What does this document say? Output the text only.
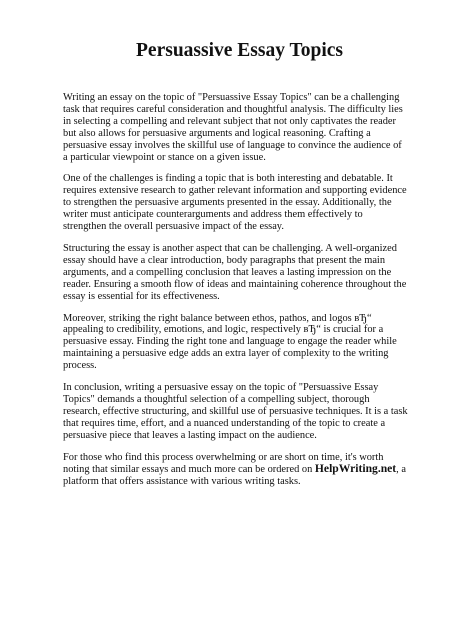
Persuassive Essay Topics

Writing an essay on the topic of "Persuassive Essay Topics" can be a challenging task that requires careful consideration and thoughtful analysis. The difficulty lies in selecting a compelling and relevant subject that not only captivates the reader but also allows for persuasive arguments and logical reasoning. Crafting a persuasive essay involves the skillful use of language to convince the audience of a particular viewpoint or stance on a given issue.

One of the challenges is finding a topic that is both interesting and debatable. It requires extensive research to gather relevant information and supporting evidence to strengthen the persuasive arguments presented in the essay. Additionally, the writer must anticipate counterarguments and address them effectively to strengthen the overall persuasive impact of the essay.

Structuring the essay is another aspect that can be challenging. A well-organized essay should have a clear introduction, body paragraphs that present the main arguments, and a compelling conclusion that leaves a lasting impression on the reader. Ensuring a smooth flow of ideas and maintaining coherence throughout the essay is essential for its effectiveness.

Moreover, striking the right balance between ethos, pathos, and logos вЂ“ appealing to credibility, emotions, and logic, respectively вЂ“ is crucial for a persuasive essay. Finding the right tone and language to engage the reader while maintaining a persuasive edge adds an extra layer of complexity to the writing process.

In conclusion, writing a persuasive essay on the topic of "Persuassive Essay Topics" demands a thoughtful selection of a compelling subject, thorough research, effective structuring, and skillful use of persuasive techniques. It is a task that requires time, effort, and a nuanced understanding of the topic to create a persuasive piece that leaves a lasting impact on the audience.

For those who find this process overwhelming or are short on time, it's worth noting that similar essays and much more can be ordered on HelpWriting.net, a platform that offers assistance with various writing tasks.
